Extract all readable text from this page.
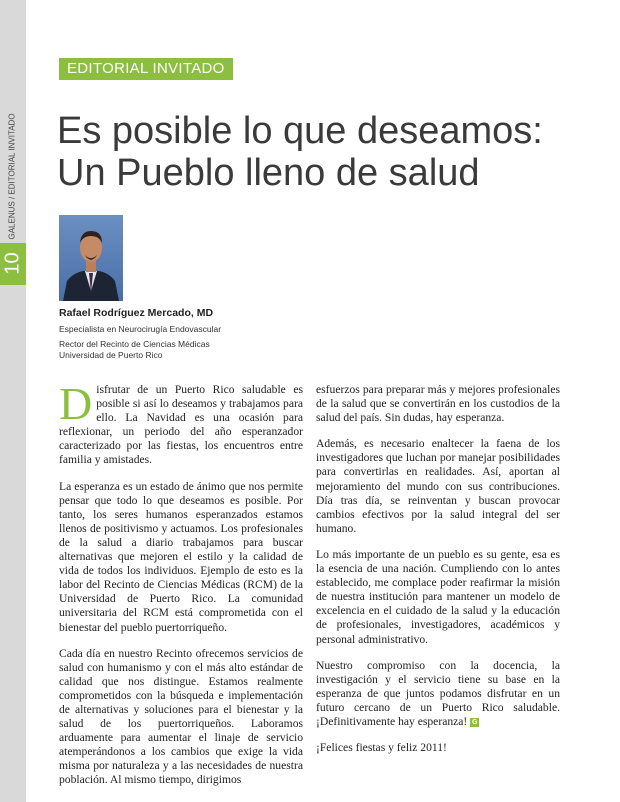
10
GALENUS / EDITORIAL INVITADO
EDITORIAL INVITADO
Es posible lo que deseamos:
Un Pueblo lleno de salud
Rafael Rodríguez Mercado, MD
Especialista en Neurocirugía Endovascular
Rector del Recinto de Ciencias Médicas
Universidad de Puerto Rico

Disfrutar de un Puerto Rico saludable es posible si así lo deseamos y trabajamos para ello. La Navidad es una ocasión para reflexionar, un periodo del año esperanzador caracterizado por las fiestas, los encuentros entre familia y amistades.

La esperanza es un estado de ánimo que nos permite pensar que todo lo que deseamos es posible. Por tanto, los seres humanos esperanzados estamos llenos de positivismo y actuamos. Los profesionales de la salud a diario trabajamos para buscar alternativas que mejoren el estilo y la calidad de vida de todos los individuos. Ejemplo de esto es la labor del Recinto de Ciencias Médicas (RCM) de la Universidad de Puerto Rico. La comunidad universitaria del RCM está comprometida con el bienestar del pueblo puertorriqueño.

Cada día en nuestro Recinto ofrecemos servicios de salud con humanismo y con el más alto estándar de calidad que nos distingue. Estamos realmente comprometidos con la búsqueda e implementación de alternativas y soluciones para el bienestar y la salud de los puertorriqueños. Laboramos arduamente para aumentar el linaje de servicio atemperándonos a los cambios que exige la vida misma por naturaleza y a las necesidades de nuestra población. Al mismo tiempo, dirigimos

esfuerzos para preparar más y mejores profesionales de la salud que se convertirán en los custodios de la salud del país. Sin dudas, hay esperanza.

Además, es necesario enaltecer la faena de los investigadores que luchan por manejar posibilidades para convertirlas en realidades. Así, aportan al mejoramiento del mundo con sus contribuciones. Día tras día, se reinventan y buscan provocar cambios efectivos por la salud integral del ser humano.

Lo más importante de un pueblo es su gente, esa es la esencia de una nación. Cumpliendo con lo antes establecido, me complace poder reafirmar la misión de nuestra institución para mantener un modelo de excelencia en el cuidado de la salud y la educación de profesionales, investigadores, académicos y personal administrativo.

Nuestro compromiso con la docencia, la investigación y el servicio tiene su base en la esperanza de que juntos podamos disfrutar en un futuro cercano de un Puerto Rico saludable. ¡Definitivamente hay esperanza! G

¡Felices fiestas y feliz 2011!
